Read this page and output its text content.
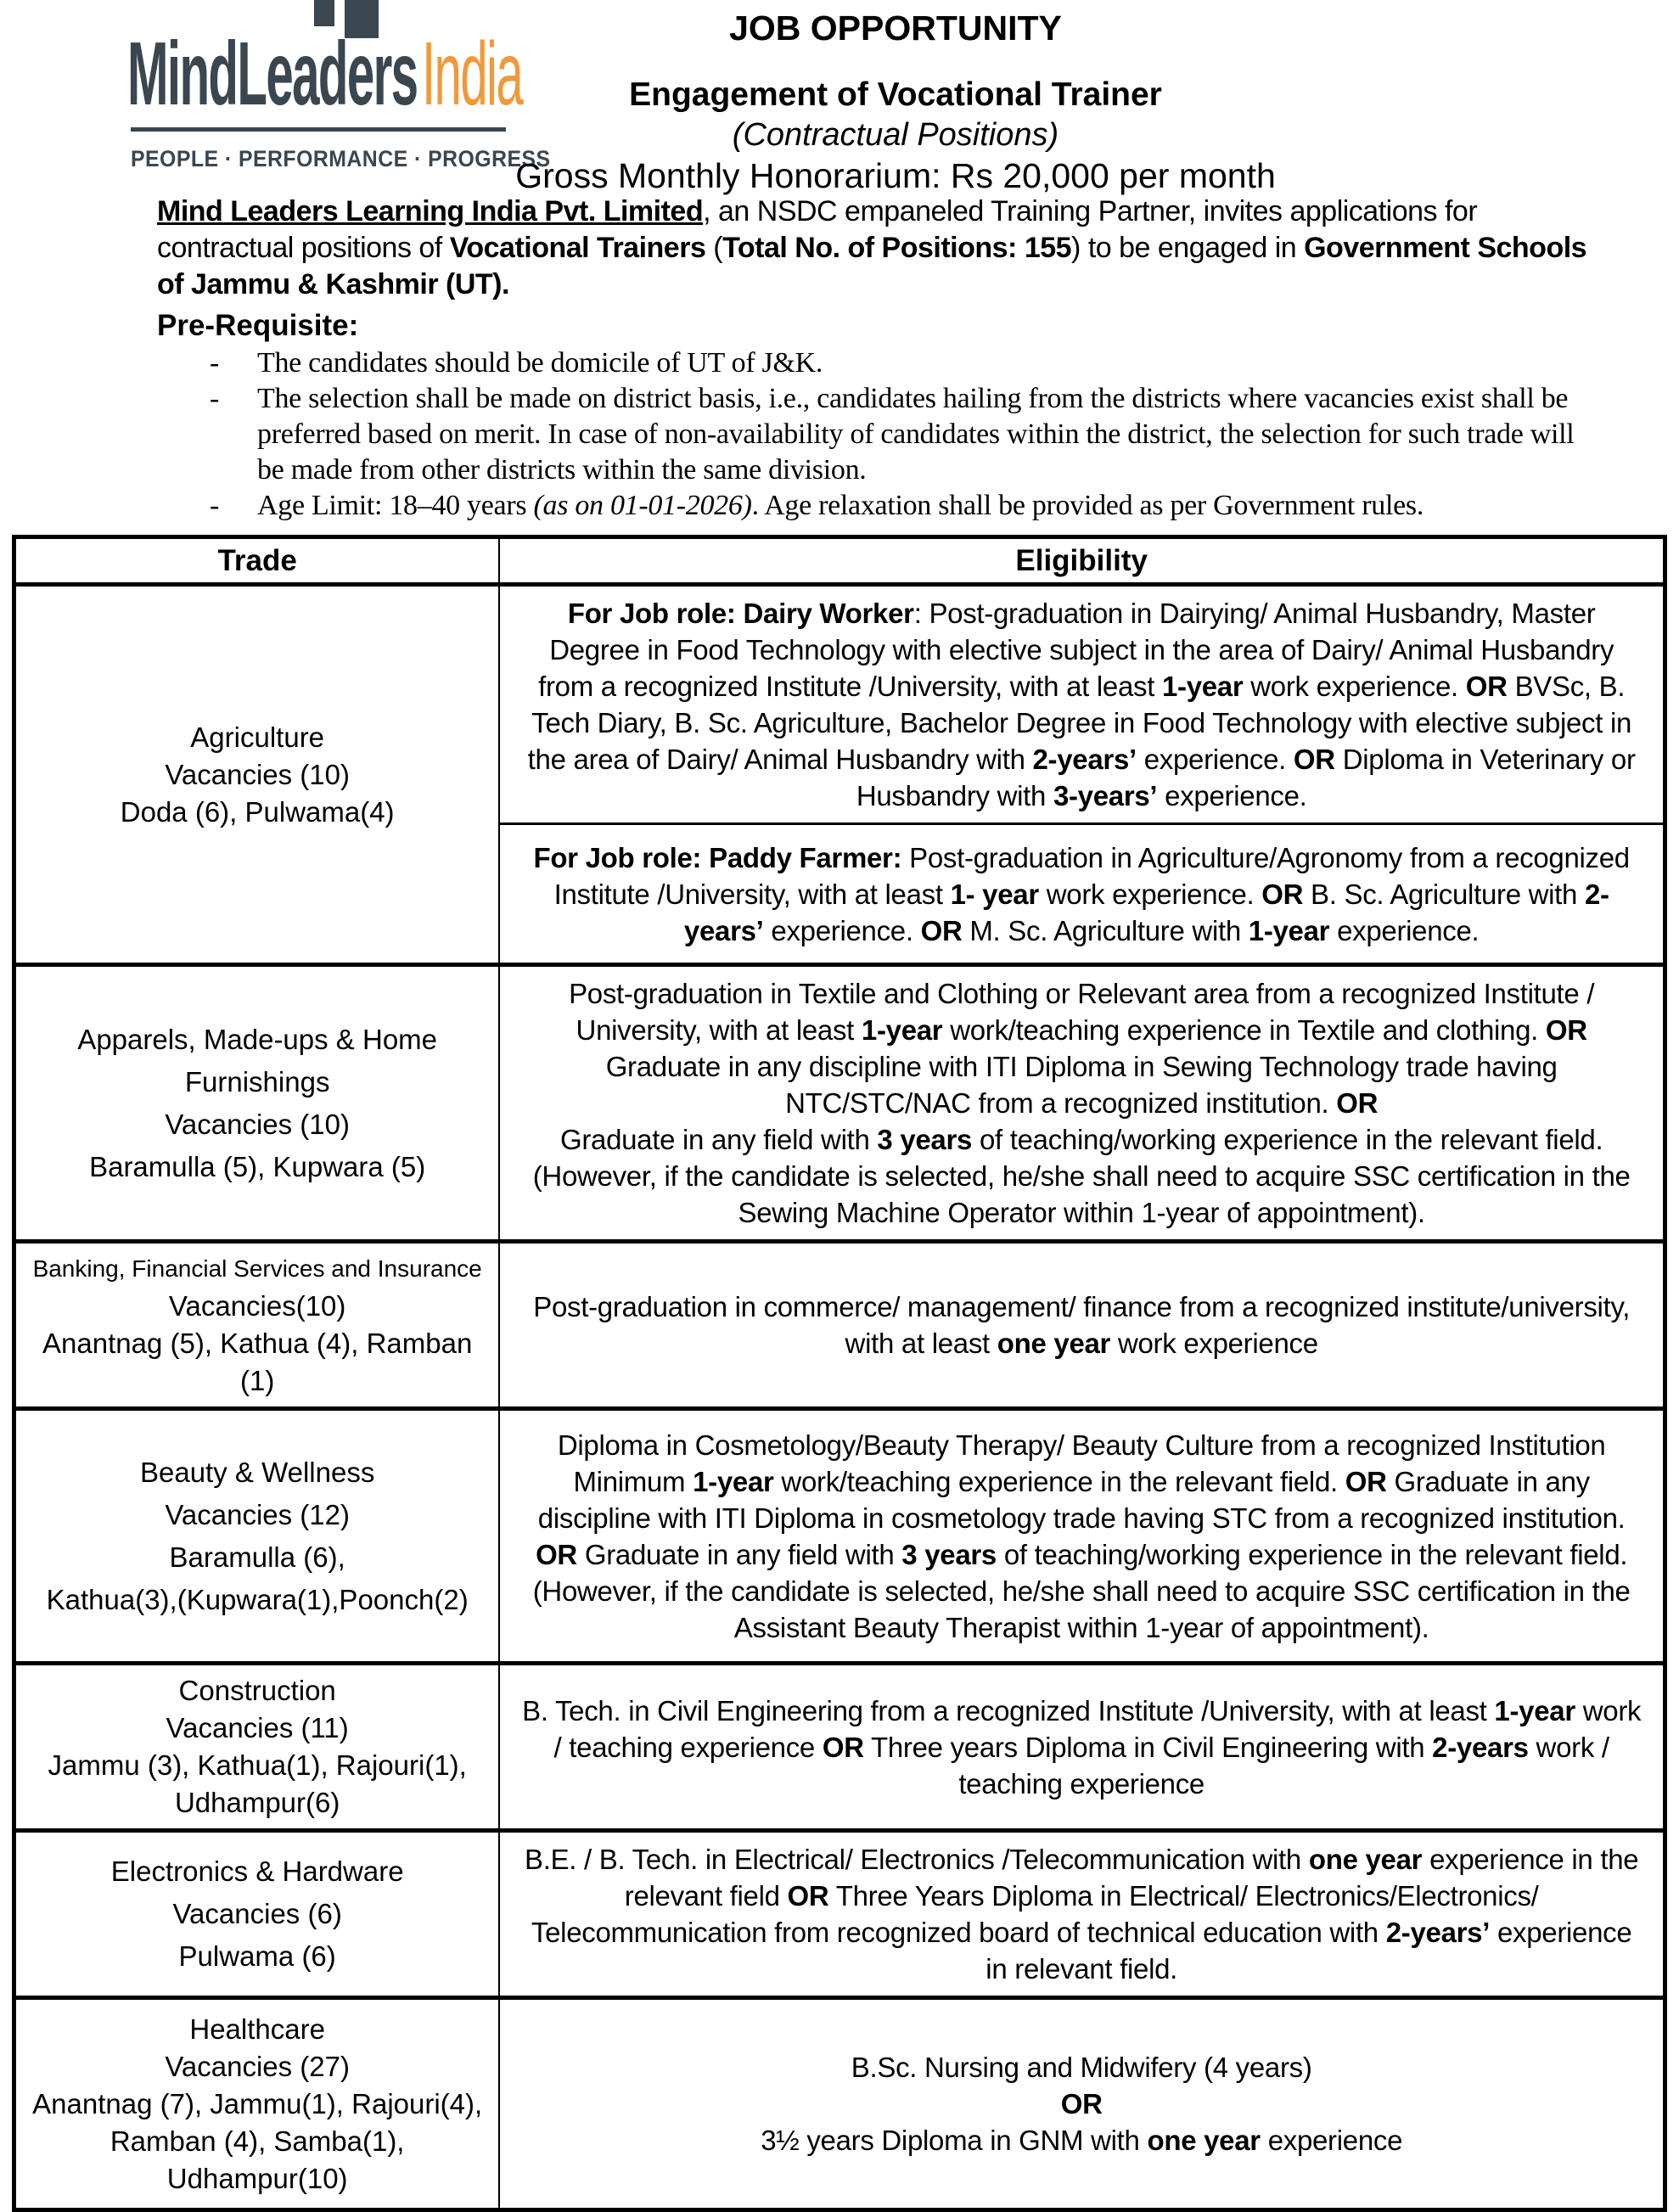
MindLeadersIndia
PEOPLE · PERFORMANCE · PROGRESS
JOB OPPORTUNITY
Engagement of Vocational Trainer
(Contractual Positions)
Gross Monthly Honorarium: Rs 20,000 per month
Mind Leaders Learning India Pvt. Limited, an NSDC empaneled Training Partner, invites applications for contractual positions of Vocational Trainers (Total No. of Positions: 155) to be engaged in Government Schools of Jammu & Kashmir (UT).
Pre-Requisite:
-	The candidates should be domicile of UT of J&K.
-	The selection shall be made on district basis, i.e., candidates hailing from the districts where vacancies exist shall be preferred based on merit. In case of non-availability of candidates within the district, the selection for such trade will be made from other districts within the same division.
-	Age Limit: 18–40 years (as on 01-01-2026). Age relaxation shall be provided as per Government rules.
Trade	Eligibility

Agriculture
Vacancies (10)
Doda (6), Pulwama(4)
	For Job role: Dairy Worker: Post-graduation in Dairying/ Animal Husbandry, Master Degree in Food Technology with elective subject in the area of Dairy/ Animal Husbandry from a recognized Institute /University, with at least 1-year work experience. OR BVSc, B. Tech Diary, B. Sc. Agriculture, Bachelor Degree in Food Technology with elective subject in the area of Dairy/ Animal Husbandry with 2-years’ experience. OR Diploma in Veterinary or Husbandry with 3-years’ experience.
	For Job role: Paddy Farmer: Post-graduation in Agriculture/Agronomy from a recognized Institute /University, with at least 1- year work experience. OR B. Sc. Agriculture with 2-years’ experience. OR M. Sc. Agriculture with 1-year experience.

Apparels, Made-ups & Home
Furnishings
Vacancies (10)
Baramulla (5), Kupwara (5)
	Post-graduation in Textile and Clothing or Relevant area from a recognized Institute / University, with at least 1-year work/teaching experience in Textile and clothing. OR Graduate in any discipline with ITI Diploma in Sewing Technology trade having NTC/STC/NAC from a recognized institution. OR
Graduate in any field with 3 years of teaching/working experience in the relevant field. (However, if the candidate is selected, he/she shall need to acquire SSC certification in the Sewing Machine Operator within 1-year of appointment).

Banking, Financial Services and Insurance
Vacancies(10)
Anantnag (5), Kathua (4), Ramban (1)	Post-graduation in commerce/ management/ finance from a recognized institute/university, with at least one year work experience

Beauty & Wellness
Vacancies (12)
Baramulla (6),
Kathua(3),(Kupwara(1),Poonch(2)
	Diploma in Cosmetology/Beauty Therapy/ Beauty Culture from a recognized Institution Minimum 1-year work/teaching experience in the relevant field. OR Graduate in any discipline with ITI Diploma in cosmetology trade having STC from a recognized institution. OR Graduate in any field with 3 years of teaching/working experience in the relevant field. (However, if the candidate is selected, he/she shall need to acquire SSC certification in the Assistant Beauty Therapist within 1-year of appointment).

Construction
Vacancies (11)
Jammu (3), Kathua(1), Rajouri(1),
Udhampur(6)
	B. Tech. in Civil Engineering from a recognized Institute /University, with at least 1-year work / teaching experience OR Three years Diploma in Civil Engineering with 2-years work / teaching experience

Electronics & Hardware
Vacancies (6)
Pulwama (6)
	B.E. / B. Tech. in Electrical/ Electronics /Telecommunication with one year experience in the relevant field OR Three Years Diploma in Electrical/ Electronics/Electronics/ Telecommunication from recognized board of technical education with 2-years’ experience in relevant field.

Healthcare
Vacancies (27)
Anantnag (7), Jammu(1), Rajouri(4),
Ramban (4), Samba(1),
Udhampur(10)
	B.Sc. Nursing and Midwifery (4 years)
OR
3½ years Diploma in GNM with one year experience
